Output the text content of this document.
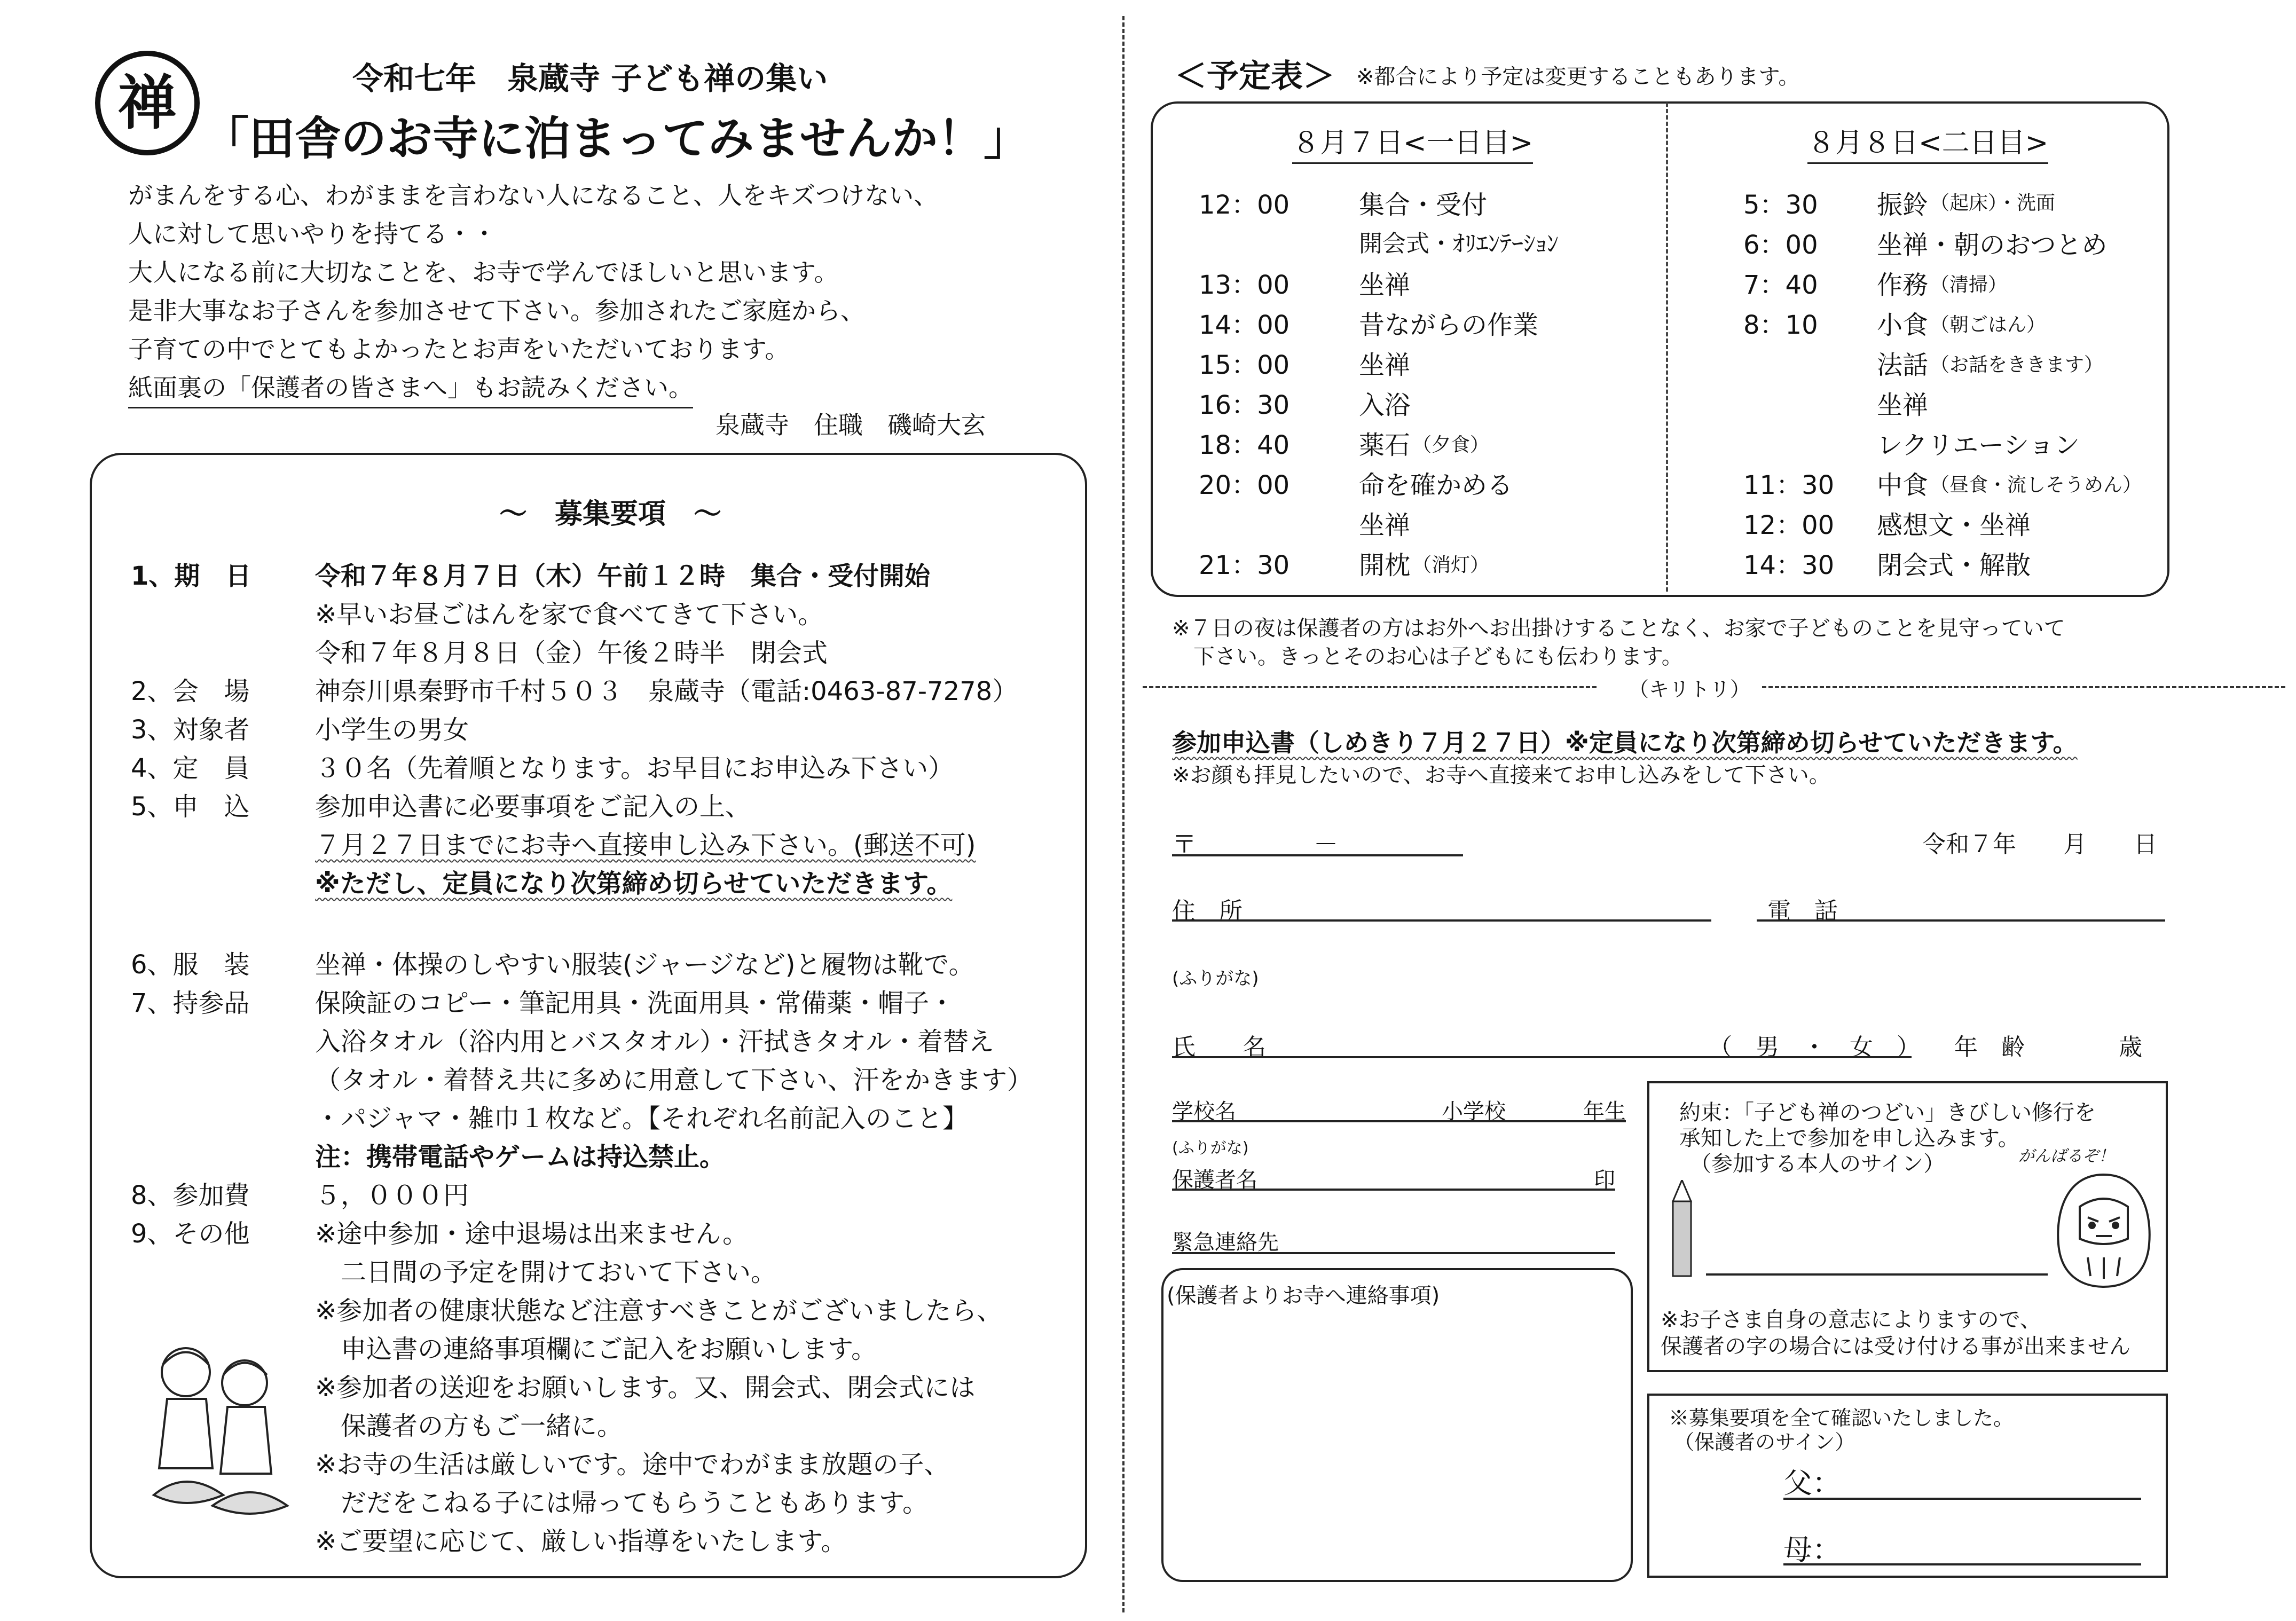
禅	令和七年　泉蔵寺 子ども禅の集い
「田舎のお寺に泊まってみませんか！」
がまんをする心、わがままを言わない人になること、人をキズつけない、
人に対して思いやりを持てる・・
大人になる前に大切なことを、お寺で学んでほしいと思います。
是非大事なお子さんを参加させて下さい。参加されたご家庭から、
子育ての中でとてもよかったとお声をいただいております。
紙面裏の「保護者の皆さまへ」もお読みください。
泉蔵寺　住職　磯崎大玄
～　募集要項　～
1、期　日 令和７年８月７日（木）午前１２時　集合・受付開始
※早いお昼ごはんを家で食べてきて下さい。
令和７年８月８日（金）午後２時半　閉会式
2、会　場	神奈川県秦野市千村５０３　泉蔵寺（電話:0463-87-7278）
3、対象者	小学生の男女
4、定　員	３０名（先着順となります。お早目にお申込み下さい）
5、申　込	参加申込書に必要事項をご記入の上、
７月２７日までにお寺へ直接申し込み下さい。(郵送不可)
※ただし、定員になり次第締め切らせていただきます。
6、服　装	坐禅・体操のしやすい服装(ジャージなど)と履物は靴で。
7、持参品	保険証のコピー・筆記用具・洗面用具・常備薬・帽子・
入浴タオル（浴内用とバスタオル）・汗拭きタオル・着替え
（タオル・着替え共に多めに用意して下さい、汗をかきます）
・パジャマ・雑巾１枚など。【それぞれ名前記入のこと】
注：携帯電話やゲームは持込禁止。
8、参加費	５，０００円
9、その他	※途中参加・途中退場は出来ません。
　二日間の予定を開けておいて下さい。
※参加者の健康状態など注意すべきことがございましたら、
　申込書の連絡事項欄にご記入をお願いします。
※参加者の送迎をお願いします。又、開会式、閉会式には
　保護者の方もご一緒に。
※お寺の生活は厳しいです。途中でわがまま放題の子、
　だだをこねる子には帰ってもらうこともあります。
※ご要望に応じて、厳しい指導をいたします。
＜予定表＞ ※都合により予定は変更することもあります。
８月７日<一日目>
12：00	集合・受付
開会式・ｵﾘｴﾝﾃｰｼｮﾝ
13：00	坐禅
14：00	昔ながらの作業
15：00	坐禅
16：30	入浴
18：40	薬石 （夕食）
20：00	命を確かめる
坐禅
21：30	開枕 （消灯）
８月８日<二日目>
5：30 振鈴 （起床）・洗面
6：00 坐禅・朝のおつとめ
7：40 作務 （清掃）
8：10 小食 （朝ごはん）
法話 （お話をききます）
坐禅
レクリエーション
11：30 中食 （昼食・流しそうめん）
12：00 感想文・坐禅
14：30 閉会式・解散
※７日の夜は保護者の方はお外へお出掛けすることなく、お家で子どものことを見守っていて
　下さい。きっとそのお心は子どもにも伝わります。
（キリトリ）
参加申込書（しめきり７月２７日）※定員になり次第締め切らせていただきます。
※お顔も拝見したいので、お寺へ直接来てお申し込みをして下さい。
〒	－	令和７年　　月　　日
住　所	電　話
(ふりがな)
氏　　名	（　男　・　女　） 年　齢　　　　歳
学校名	小学校	年生
(ふりがな)
保護者名	印
緊急連絡先
(保護者よりお寺へ連絡事項)
約束：「子ども禅のつどい」きびしい修行を
承知した上で参加を申し込みます。
（参加する本人のサイン）	がんばるぞ！
※お子さま自身の意志によりますので、
保護者の字の場合には受け付ける事が出来ません
※募集要項を全て確認いたしました。
（保護者のサイン）
父：
母：
